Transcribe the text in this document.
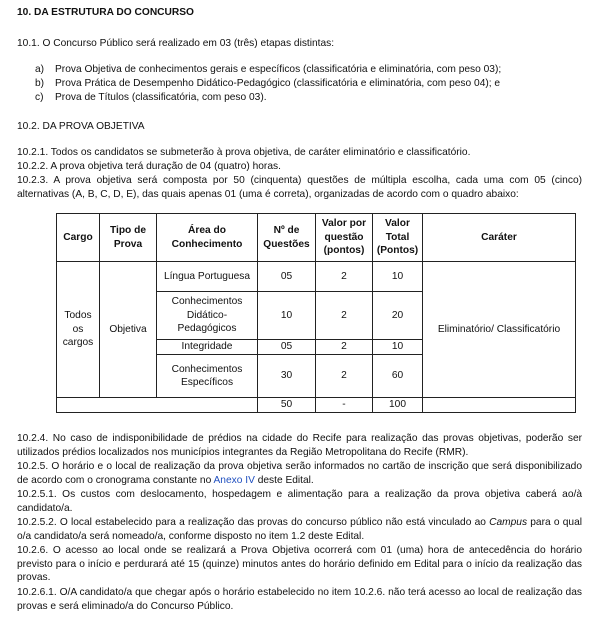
10. DA ESTRUTURA DO CONCURSO

10.1. O Concurso Público será realizado em 03 (três) etapas distintas:

a) Prova Objetiva de conhecimentos gerais e específicos (classificatória e eliminatória, com peso 03);
b) Prova Prática de Desempenho Didático-Pedagógico (classificatória e eliminatória, com peso 04); e
c) Prova de Títulos (classificatória, com peso 03).

10.2. DA PROVA OBJETIVA

10.2.1. Todos os candidatos se submeterão à prova objetiva, de caráter eliminatório e classificatório.

10.2.2. A prova objetiva terá duração de 04 (quatro) horas.

10.2.3. A prova objetiva será composta por 50 (cinquenta) questões de múltipla escolha, cada uma com 05 (cinco) alternativas (A, B, C, D, E), das quais apenas 01 (uma é correta), organizadas de acordo com o quadro abaixo:

Cargo	Tipo de Prova	Área do Conhecimento	Nº de Questões	Valor por questão (pontos)	Valor Total (Pontos)	Caráter
Todos os cargos	Objetiva	Língua Portuguesa	05	2	10	Eliminatório/ Classificatório
		Conhecimentos Didático-Pedagógicos	10	2	20	
		Integridade	05	2	10	
		Conhecimentos Específicos	30	2	60	
			50	-	100	

10.2.4. No caso de indisponibilidade de prédios na cidade do Recife para realização das provas objetivas, poderão ser utilizados prédios localizados nos municípios integrantes da Região Metropolitana do Recife (RMR).

10.2.5. O horário e o local de realização da prova objetiva serão informados no cartão de inscrição que será disponibilizado de acordo com o cronograma constante no Anexo IV deste Edital.

10.2.5.1. Os custos com deslocamento, hospedagem e alimentação para a realização da prova objetiva caberá ao/à candidato/a.

10.2.5.2. O local estabelecido para a realização das provas do concurso público não está vinculado ao Campus para o qual o/a candidato/a será nomeado/a, conforme disposto no item 1.2 deste Edital.

10.2.6. O acesso ao local onde se realizará a Prova Objetiva ocorrerá com 01 (uma) hora de antecedência do horário previsto para o início e perdurará até 15 (quinze) minutos antes do horário definido em Edital para o início da realização das provas.

10.2.6.1. O/A candidato/a que chegar após o horário estabelecido no item 10.2.6. não terá acesso ao local de realização das provas e será eliminado/a do Concurso Público.
